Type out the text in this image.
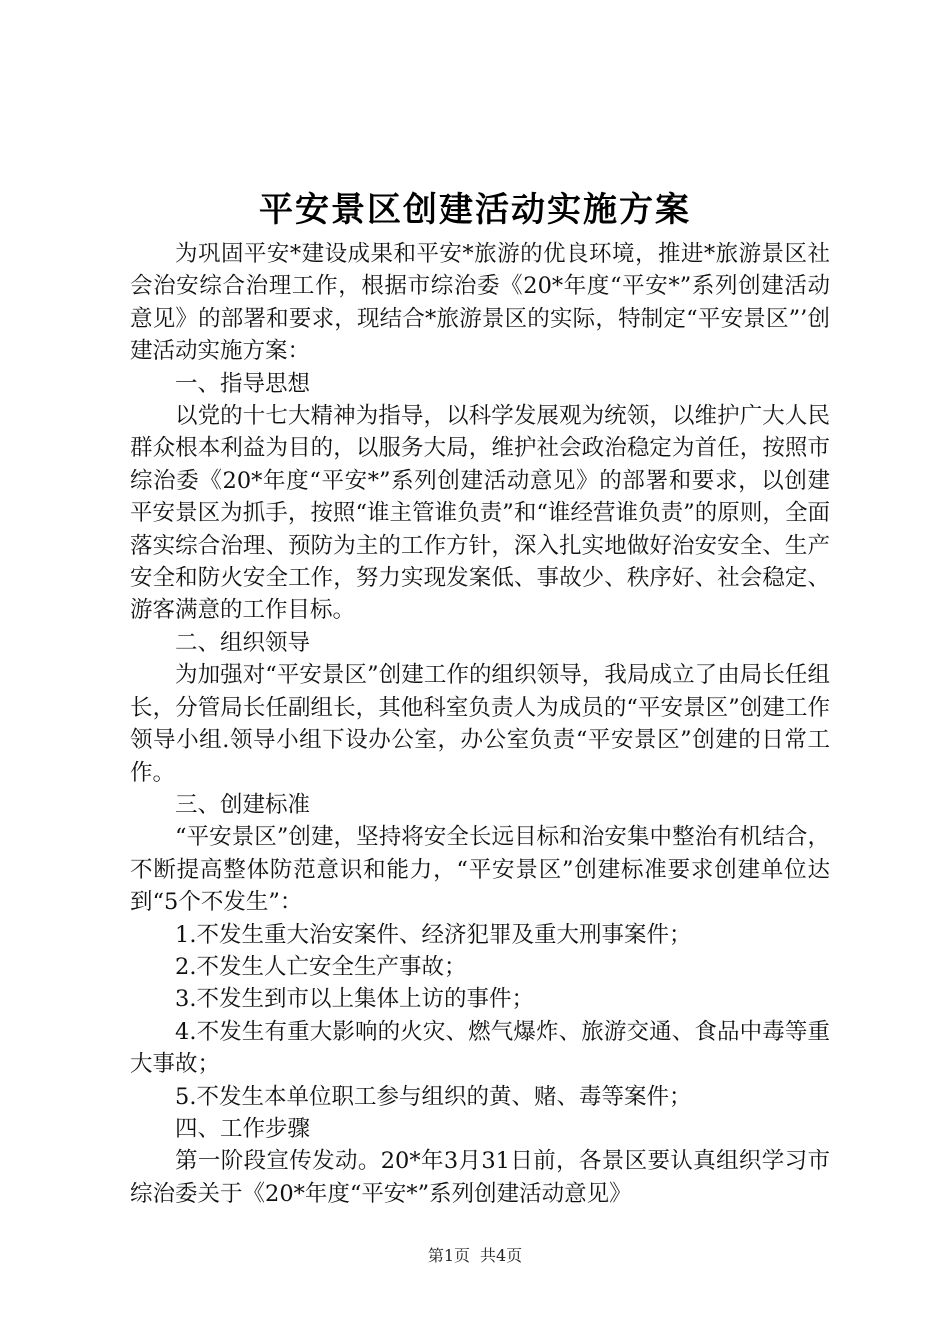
平安景区创建活动实施方案

为巩固平安*建设成果和平安*旅游的优良环境，推进*旅游景区社会治安综合治理工作，根据市综治委《20*年度“平安*”系列创建活动意见》的部署和要求，现结合*旅游景区的实际，特制定“平安景区”’创建活动实施方案：

一、指导思想

以党的十七大精神为指导，以科学发展观为统领，以维护广大人民群众根本利益为目的，以服务大局，维护社会政治稳定为首任，按照市综治委《20*年度“平安*”系列创建活动意见》的部署和要求，以创建平安景区为抓手，按照“谁主管谁负责”和“谁经营谁负责”的原则，全面落实综合治理、预防为主的工作方针，深入扎实地做好治安安全、生产安全和防火安全工作，努力实现发案低、事故少、秩序好、社会稳定、游客满意的工作目标。

二、组织领导

为加强对“平安景区”创建工作的组织领导，我局成立了由局长任组长，分管局长任副组长，其他科室负责人为成员的“平安景区”创建工作领导小组.领导小组下设办公室，办公室负责“平安景区”创建的日常工作。

三、创建标准

“平安景区”创建，坚持将安全长远目标和治安集中整治有机结合，不断提高整体防范意识和能力，“平安景区”创建标准要求创建单位达到“5个不发生”：

1.不发生重大治安案件、经济犯罪及重大刑事案件；

2.不发生人亡安全生产事故；

3.不发生到市以上集体上访的事件；

4.不发生有重大影响的火灾、燃气爆炸、旅游交通、食品中毒等重大事故；

5.不发生本单位职工参与组织的黄、赌、毒等案件；

四、工作步骤

第一阶段宣传发动。20*年3月31日前，各景区要认真组织学习市综治委关于《20*年度“平安*”系列创建活动意见》

第1页 共4页
